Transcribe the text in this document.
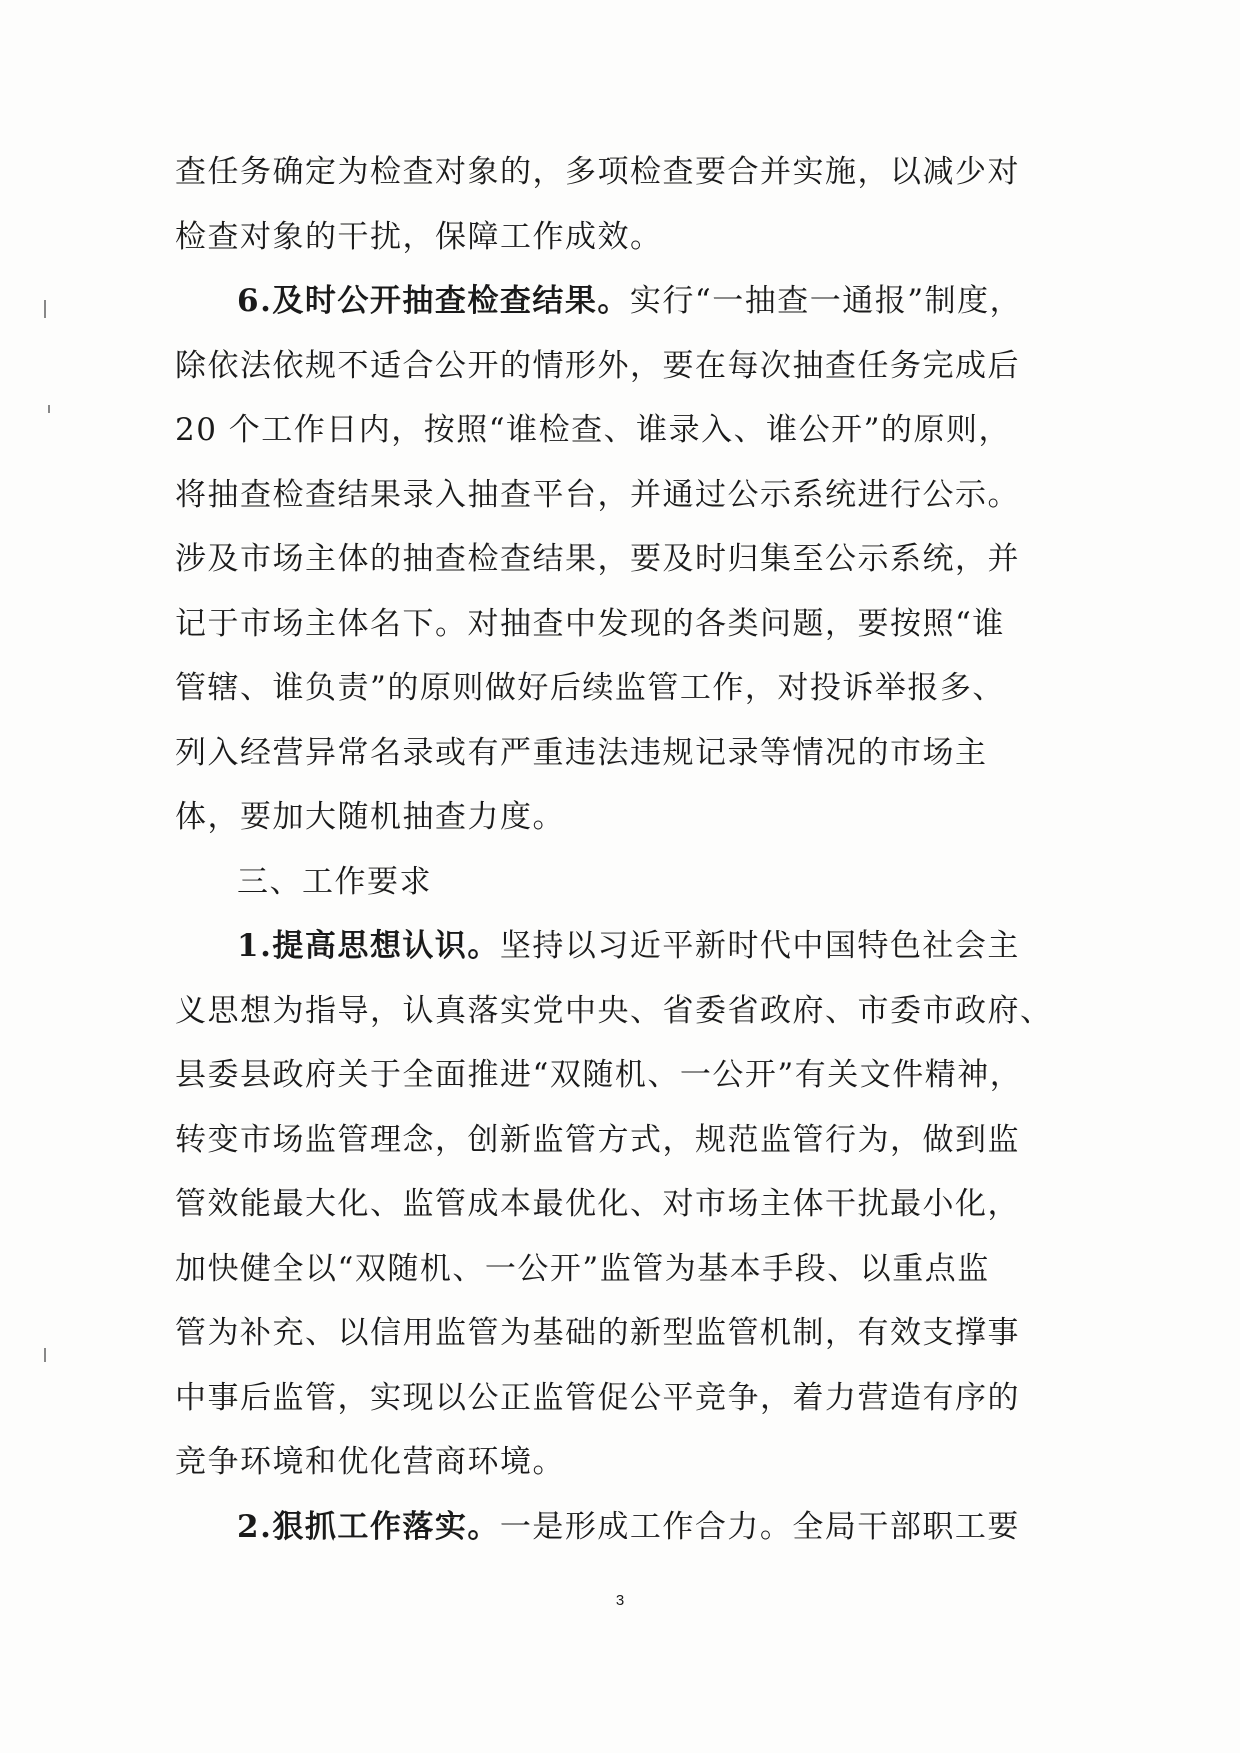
查任务确定为检查对象的，多项检查要合并实施，以减少对
检查对象的干扰，保障工作成效。
6.及时公开抽查检查结果。实行“一抽查一通报”制度，
除依法依规不适合公开的情形外，要在每次抽查任务完成后
20 个工作日内，按照“谁检查、谁录入、谁公开”的原则，
将抽查检查结果录入抽查平台，并通过公示系统进行公示。
涉及市场主体的抽查检查结果，要及时归集至公示系统，并
记于市场主体名下。对抽查中发现的各类问题，要按照“谁
管辖、谁负责”的原则做好后续监管工作，对投诉举报多、
列入经营异常名录或有严重违法违规记录等情况的市场主
体，要加大随机抽查力度。
三、工作要求
1.提高思想认识。坚持以习近平新时代中国特色社会主
义思想为指导，认真落实党中央、省委省政府、市委市政府、
县委县政府关于全面推进“双随机、一公开”有关文件精神，
转变市场监管理念，创新监管方式，规范监管行为，做到监
管效能最大化、监管成本最优化、对市场主体干扰最小化，
加快健全以“双随机、一公开”监管为基本手段、以重点监
管为补充、以信用监管为基础的新型监管机制，有效支撑事
中事后监管，实现以公正监管促公平竞争，着力营造有序的
竞争环境和优化营商环境。
2.狠抓工作落实。一是形成工作合力。全局干部职工要
3
